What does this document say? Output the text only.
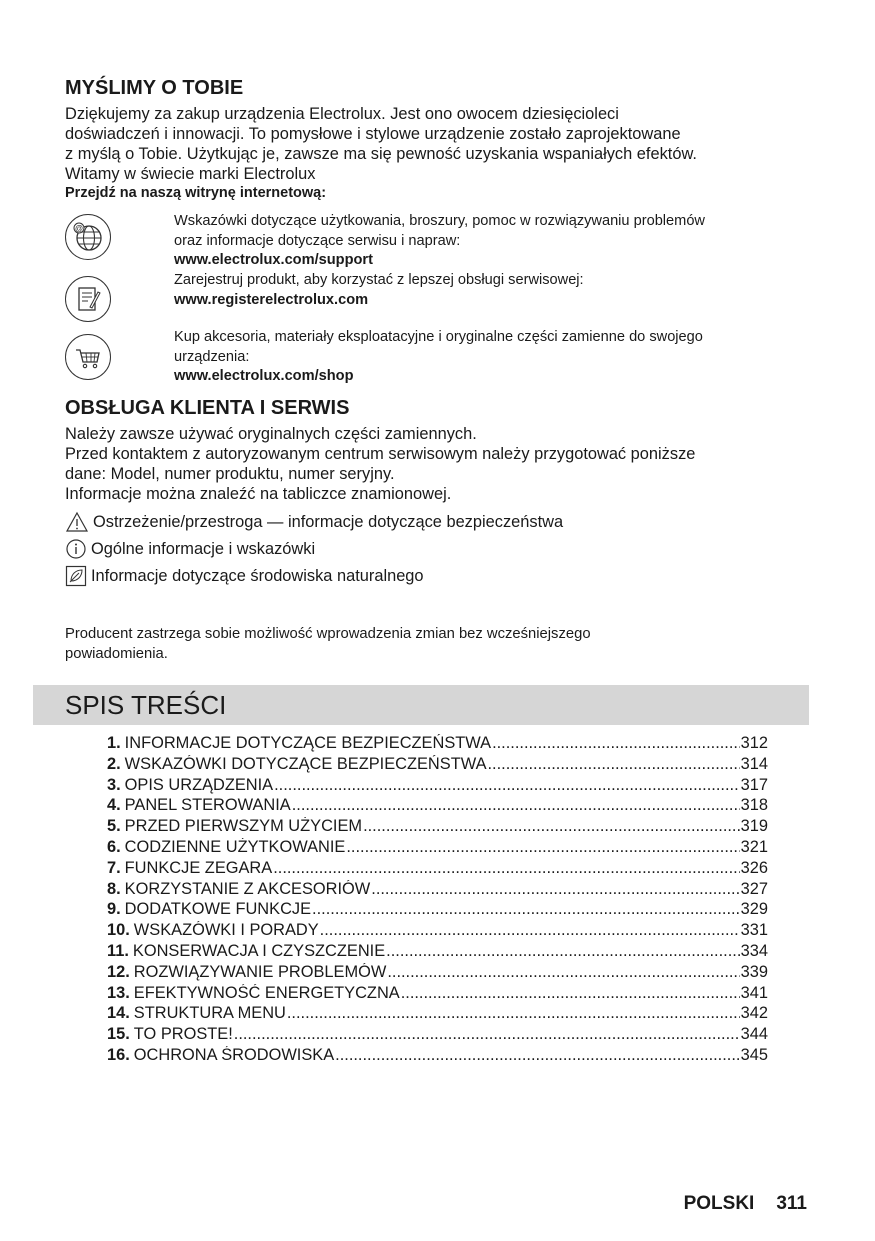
MYŚLIMY O TOBIE
Dziękujemy za zakup urządzenia Electrolux. Jest ono owocem dziesięcioleci
doświadczeń i innowacji. To pomysłowe i stylowe urządzenie zostało zaprojektowane
z myślą o Tobie. Użytkując je, zawsze ma się pewność uzyskania wspaniałych efektów.
Witamy w świecie marki Electrolux
Przejdź na naszą witrynę internetową:
@	Wskazówki dotyczące użytkowania, broszury, pomoc w rozwiązywaniu problemów
oraz informacje dotyczące serwisu i napraw:
www.electrolux.com/support
Zarejestruj produkt, aby korzystać z lepszej obsługi serwisowej:
www.registerelectrolux.com
Kup akcesoria, materiały eksploatacyjne i oryginalne części zamienne do swojego
urządzenia:
www.electrolux.com/shop
OBSŁUGA KLIENTA I SERWIS
Należy zawsze używać oryginalnych części zamiennych.
Przed kontaktem z autoryzowanym centrum serwisowym należy przygotować poniższe
dane: Model, numer produktu, numer seryjny.
Informacje można znaleźć na tabliczce znamionowej.
Ostrzeżenie/przestroga — informacje dotyczące bezpieczeństwa
Ogólne informacje i wskazówki
Informacje dotyczące środowiska naturalnego
Producent zastrzega sobie możliwość wprowadzenia zmian bez wcześniejszego
powiadomienia.
SPIS TREŚCI
1. INFORMACJE DOTYCZĄCE BEZPIECZEŃSTWA .....	312
2. WSKAZÓWKI DOTYCZĄCE BEZPIECZEŃSTWA .....	314
3. OPIS URZĄDZENIA .....	317
4. PANEL STEROWANIA .....	318
5. PRZED PIERWSZYM UŻYCIEM .....	319
6. CODZIENNE UŻYTKOWANIE .....	321
7. FUNKCJE ZEGARA .....	326
8. KORZYSTANIE Z AKCESORIÓW .....	327
9. DODATKOWE FUNKCJE .....	329
10. WSKAZÓWKI I PORADY .....	331
11. KONSERWACJA I CZYSZCZENIE .....	334
12. ROZWIĄZYWANIE PROBLEMÓW .....	339
13. EFEKTYWNOŚĆ ENERGETYCZNA .....	341
14. STRUKTURA MENU .....	342
15. TO PROSTE! .....	344
16. OCHRONA ŚRODOWISKA .....	345
POLSKI 311
